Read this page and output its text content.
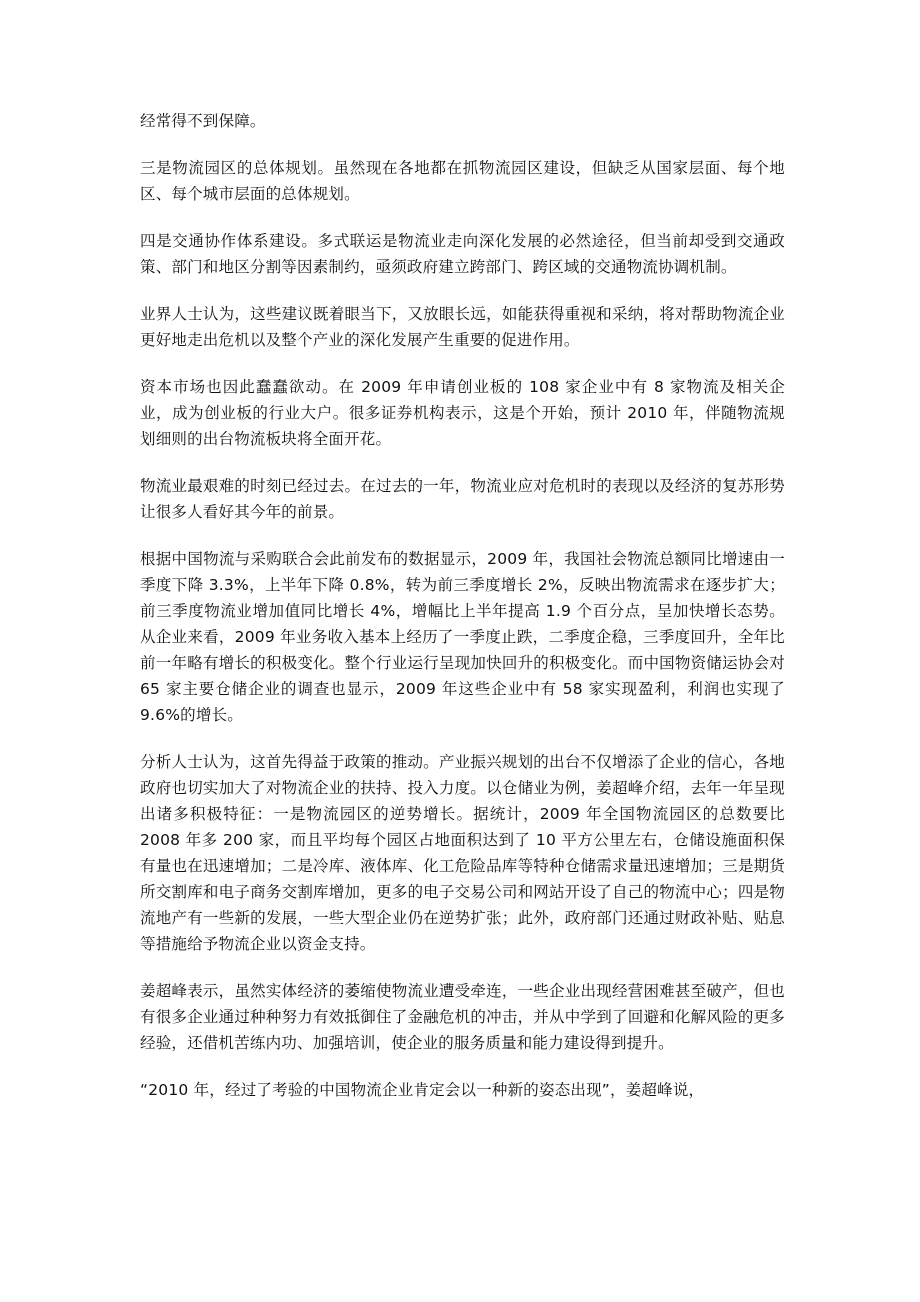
经常得不到保障。

三是物流园区的总体规划。虽然现在各地都在抓物流园区建设，但缺乏从国家层面、每个地区、每个城市层面的总体规划。

四是交通协作体系建设。多式联运是物流业走向深化发展的必然途径，但当前却受到交通政策、部门和地区分割等因素制约，亟须政府建立跨部门、跨区域的交通物流协调机制。

业界人士认为，这些建议既着眼当下，又放眼长远，如能获得重视和采纳，将对帮助物流企业更好地走出危机以及整个产业的深化发展产生重要的促进作用。

资本市场也因此蠢蠢欲动。在 2009 年申请创业板的 108 家企业中有 8 家物流及相关企业，成为创业板的行业大户。很多证券机构表示，这是个开始，预计 2010 年，伴随物流规划细则的出台物流板块将全面开花。

物流业最艰难的时刻已经过去。在过去的一年，物流业应对危机时的表现以及经济的复苏形势让很多人看好其今年的前景。

根据中国物流与采购联合会此前发布的数据显示，2009 年，我国社会物流总额同比增速由一季度下降 3.3%，上半年下降 0.8%，转为前三季度增长 2%，反映出物流需求在逐步扩大；前三季度物流业增加值同比增长 4%，增幅比上半年提高 1.9 个百分点，呈加快增长态势。从企业来看，2009 年业务收入基本上经历了一季度止跌，二季度企稳，三季度回升，全年比前一年略有增长的积极变化。整个行业运行呈现加快回升的积极变化。而中国物资储运协会对 65 家主要仓储企业的调查也显示，2009 年这些企业中有 58 家实现盈利，利润也实现了 9.6%的增长。

分析人士认为，这首先得益于政策的推动。产业振兴规划的出台不仅增添了企业的信心，各地政府也切实加大了对物流企业的扶持、投入力度。以仓储业为例，姜超峰介绍，去年一年呈现出诸多积极特征：一是物流园区的逆势增长。据统计，2009 年全国物流园区的总数要比 2008 年多 200 家，而且平均每个园区占地面积达到了 10 平方公里左右，仓储设施面积保有量也在迅速增加；二是冷库、液体库、化工危险品库等特种仓储需求量迅速增加；三是期货所交割库和电子商务交割库增加，更多的电子交易公司和网站开设了自己的物流中心；四是物流地产有一些新的发展，一些大型企业仍在逆势扩张；此外，政府部门还通过财政补贴、贴息等措施给予物流企业以资金支持。

姜超峰表示，虽然实体经济的萎缩使物流业遭受牵连，一些企业出现经营困难甚至破产，但也有很多企业通过种种努力有效抵御住了金融危机的冲击，并从中学到了回避和化解风险的更多经验，还借机苦练内功、加强培训，使企业的服务质量和能力建设得到提升。

“2010 年，经过了考验的中国物流企业肯定会以一种新的姿态出现”，姜超峰说，
